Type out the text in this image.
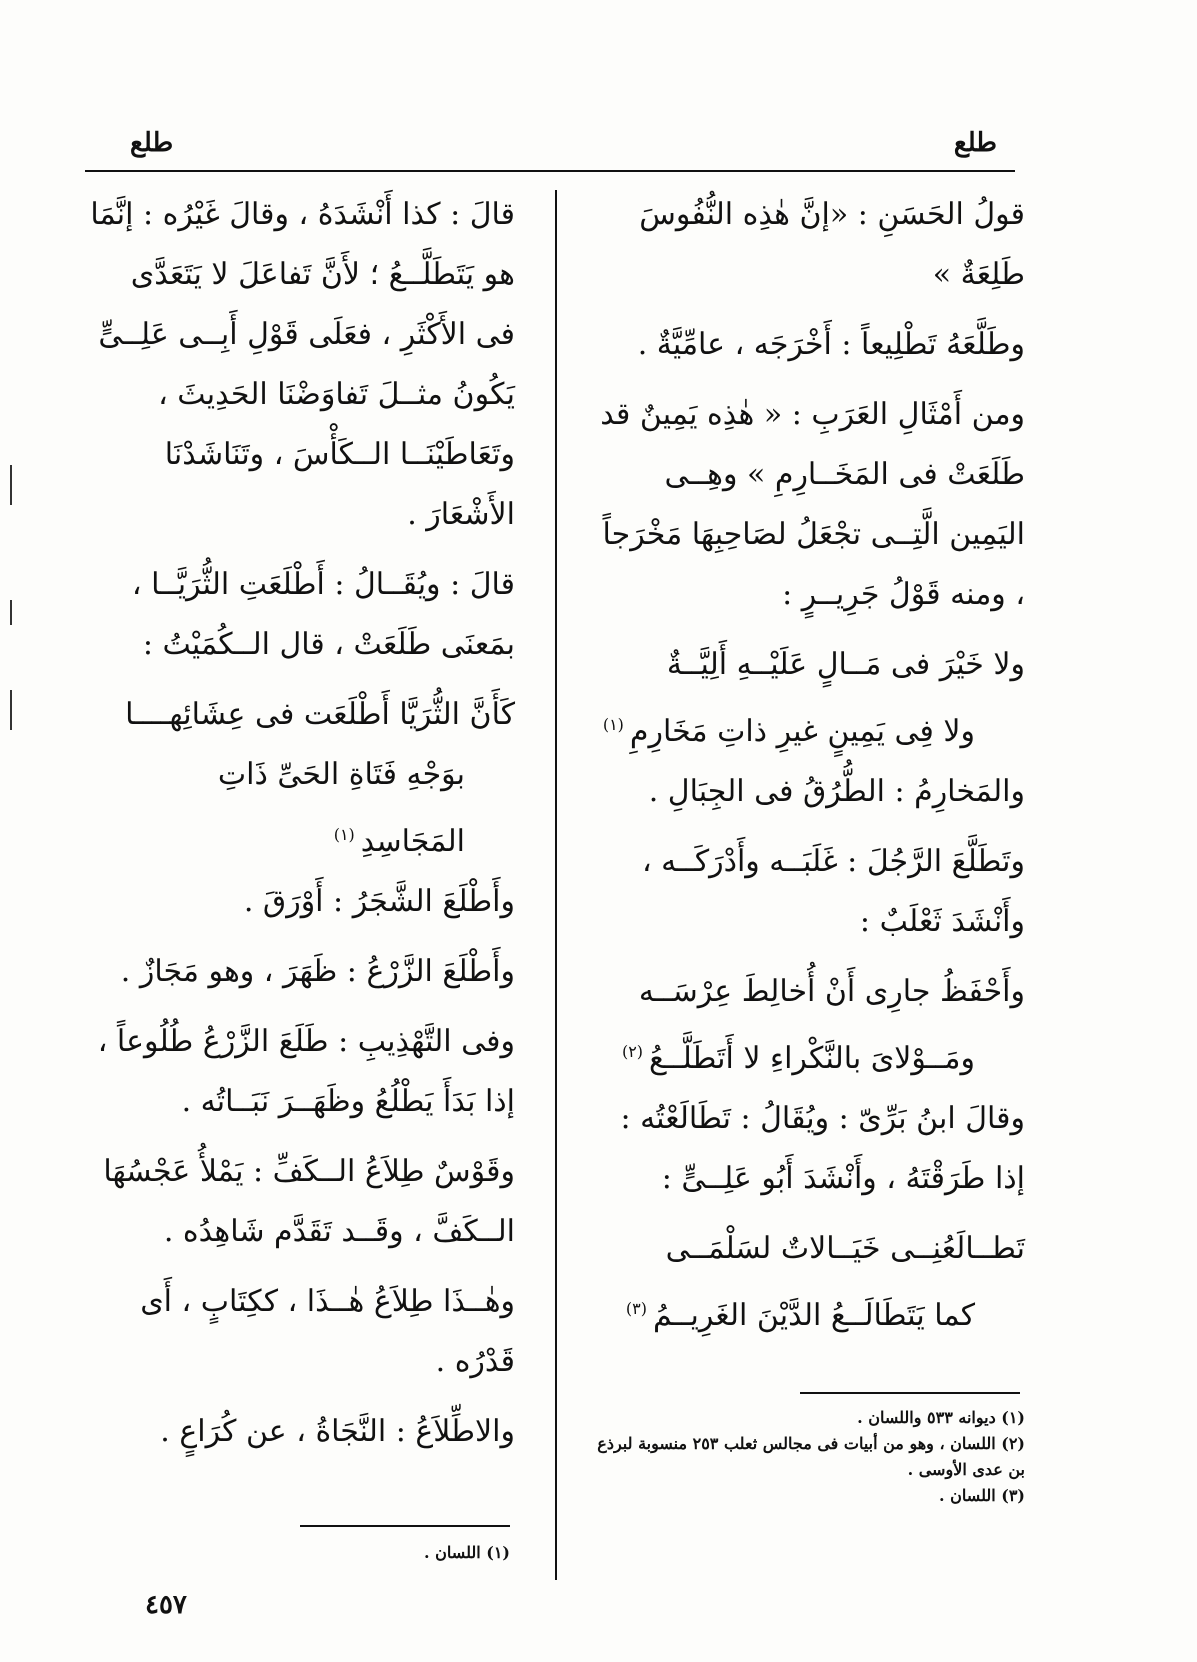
طلع	طلع

قولُ الحَسَنِ : «إنَّ هٰذِه النُّفُوسَ طَلِعَةٌ »

وطَلَّعَهُ تَطْلِيعاً : أَخْرَجَه ، عامِّيَّةٌ .

ومن أَمْثَالِ العَرَبِ : « هٰذِه يَمِينٌ قد طَلَعَتْ فى المَخَــارِمِ » وهِــى اليَمِين الَّتِــى تجْعَلُ لصَاحِبِهَا مَخْرَجاً ، ومنه قَوْلُ جَرِيــرٍ :

ولا خَيْرَ فى مَــالٍ عَلَيْــهِ أَلِيَّــةٌ

ولا فِى يَمِينٍ غيرِ ذاتِ مَخَارِمِ$^{(١)}$

والمَخارِمُ : الطُّرُقُ فى الجِبَالِ .

وتَطَلَّعَ الرَّجُلَ : غَلَبَــه وأَدْرَكَــه ، وأَنْشَدَ ثَعْلَبٌ :

وأَحْفَظُ جارِى أَنْ أُخالِطَ عِرْسَــه

ومَــوْلاىَ بالنَّكْراءِ لا أَتَطَلَّــعُ$^{(٢)}$

وقالَ ابنُ بَرِّىّ : ويُقَالُ : تَطَالَعْتُه : إذا طَرَقْتَهُ ، وأَنْشَدَ أَبُو عَلِــىٍّ :

تَطــالَعُنِــى خَيَــالاتٌ لسَلْمَــى

كما يَتَطَالَــعُ الدَّيْنَ الغَرِيــمُ$^{(٣)}$

قالَ : كذا أَنْشَدَهُ ، وقالَ غَيْرُه : إنَّمَا هو يَتَطَلَّــعُ ؛ لأَنَّ تَفاعَلَ لا يَتَعَدَّى فى الأَكْثَرِ ، فعَلَى قَوْلِ أَبِــى عَلِــىٍّ يَكُونُ مثــلَ تَفاوَضْنَا الحَدِيثَ ، وتَعَاطَيْنَــا الــكَأْسَ ، وتَنَاشَدْنَا الأَشْعَارَ .

قالَ : ويُقَــالُ : أَطْلَعَتِ الثُّرَيَّــا ، بمَعنَى طَلَعَتْ ، قال الــكُمَيْتُ :

كَأَنَّ الثُّرَيَّا أَطْلَعَت فى عِشَائِهــــا

بوَجْهِ فَتَاةِ الحَىِّ ذَاتِ المَجَاسِدِ$^{(١)}$

وأَطْلَعَ الشَّجَرُ : أَوْرَقَ .

وأَطْلَعَ الزَّرْعُ : ظَهَرَ ، وهو مَجَازٌ .

وفى التَّهْذِيبِ : طَلَعَ الزَّرْعُ طُلُوعاً ، إذا بَدَأَ يَطْلُعُ وظَهَــرَ نَبَــاتُه .

وقَوْسٌ طِلاَعُ الــكَفِّ : يَمْلأُ عَجْسُهَا الــكَفَّ ، وقَــد تَقَدَّم شَاهِدُه .

وهٰــذَا طِلاَعُ هٰــذَا ، ككِتَابٍ ، أَى قَدْرُه .

والاطِّلاَعُ : النَّجَاةُ ، عن كُرَاعٍ .	(١) ديوانه ٥٣٣ واللسان .

(٢) اللسان ، وهو من أبيات فى مجالس ثعلب ٢٥٣ منسوبة لبرذع بن عدى الأوسى .

(٣) اللسان .

(١) اللسان .

٤٥٧
